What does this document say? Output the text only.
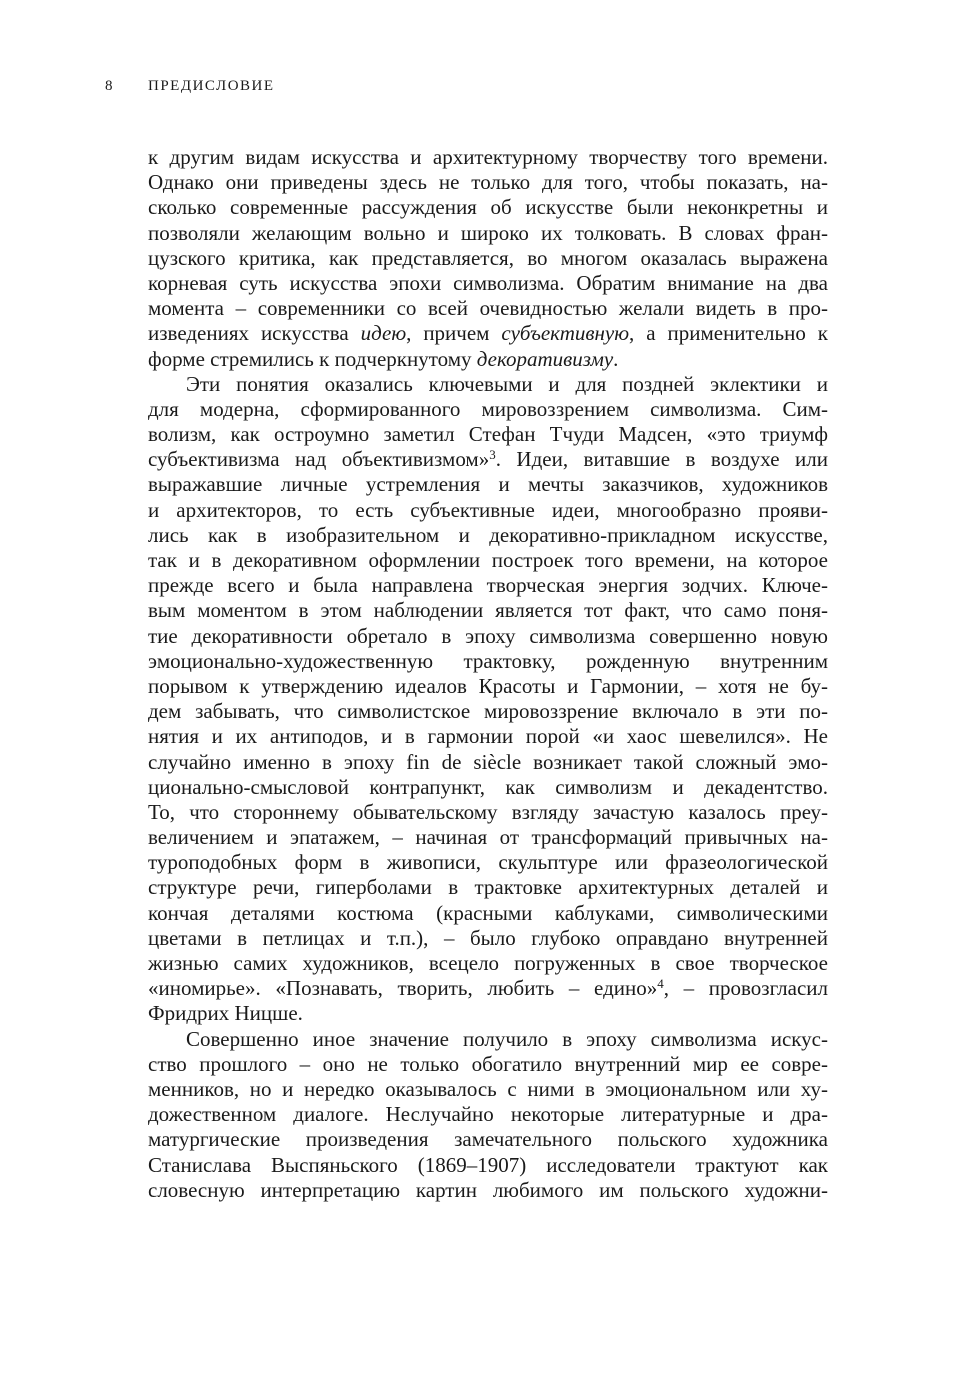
8 ПРЕДИСЛОВИЕ
к другим видам искусства и архитектурному творчеству того времени.
Однако они приведены здесь не только для того, чтобы показать, на-
сколько современные рассуждения об искусстве были неконкретны и
позволяли желающим вольно и широко их толковать. В словах фран-
цузского критика, как представляется, во многом оказалась выражена
корневая суть искусства эпохи символизма. Обратим внимание на два
момента – современники со всей очевидностью желали видеть в про-
изведениях искусства идею, причем субъективную, а применительно к
форме стремились к подчеркнутому декоративизму.
Эти понятия оказались ключевыми и для поздней эклектики и
для модерна, сформированного мировоззрением символизма. Сим-
волизм, как остроумно заметил Стефан Тчуди Мадсен, «это триумф
субъективизма над объективизмом»$^3$. Идеи, витавшие в воздухе или
выражавшие личные устремления и мечты заказчиков, художников
и архитекторов, то есть субъективные идеи, многообразно прояви-
лись как в изобразительном и декоративно-прикладном искусстве,
так и в декоративном оформлении построек того времени, на которое
прежде всего и была направлена творческая энергия зодчих. Ключе-
вым моментом в этом наблюдении является тот факт, что само поня-
тие декоративности обретало в эпоху символизма совершенно новую
эмоционально-художественную трактовку, рожденную внутренним
порывом к утверждению идеалов Красоты и Гармонии, – хотя не бу-
дем забывать, что символистское мировоззрение включало в эти по-
нятия и их антиподов, и в гармонии порой «и хаос шевелился». Не
случайно именно в эпоху fin de siècle возникает такой сложный эмо-
ционально-смысловой контрапункт, как символизм и декадентство.
То, что стороннему обывательскому взгляду зачастую казалось преу-
величением и эпатажем, – начиная от трансформаций привычных на-
туроподобных форм в живописи, скульптуре или фразеологической
структуре речи, гиперболами в трактовке архитектурных деталей и
кончая деталями костюма (красными каблуками, символическими
цветами в петлицах и т.п.), – было глубоко оправдано внутренней
жизнью самих художников, всецело погруженных в свое творческое
«иномирье». «Познавать, творить, любить – едино»$^4$, – провозгласил
Фридрих Ницше.
Совершенно иное значение получило в эпоху символизма искус-
ство прошлого – оно не только обогатило внутренний мир ее совре-
менников, но и нередко оказывалось с ними в эмоциональном или ху-
дожественном диалоге. Неслучайно некоторые литературные и дра-
матургические произведения замечательного польского художника
Станислава Выспяньского (1869–1907) исследователи трактуют как
словесную интерпретацию картин любимого им польского художни-
